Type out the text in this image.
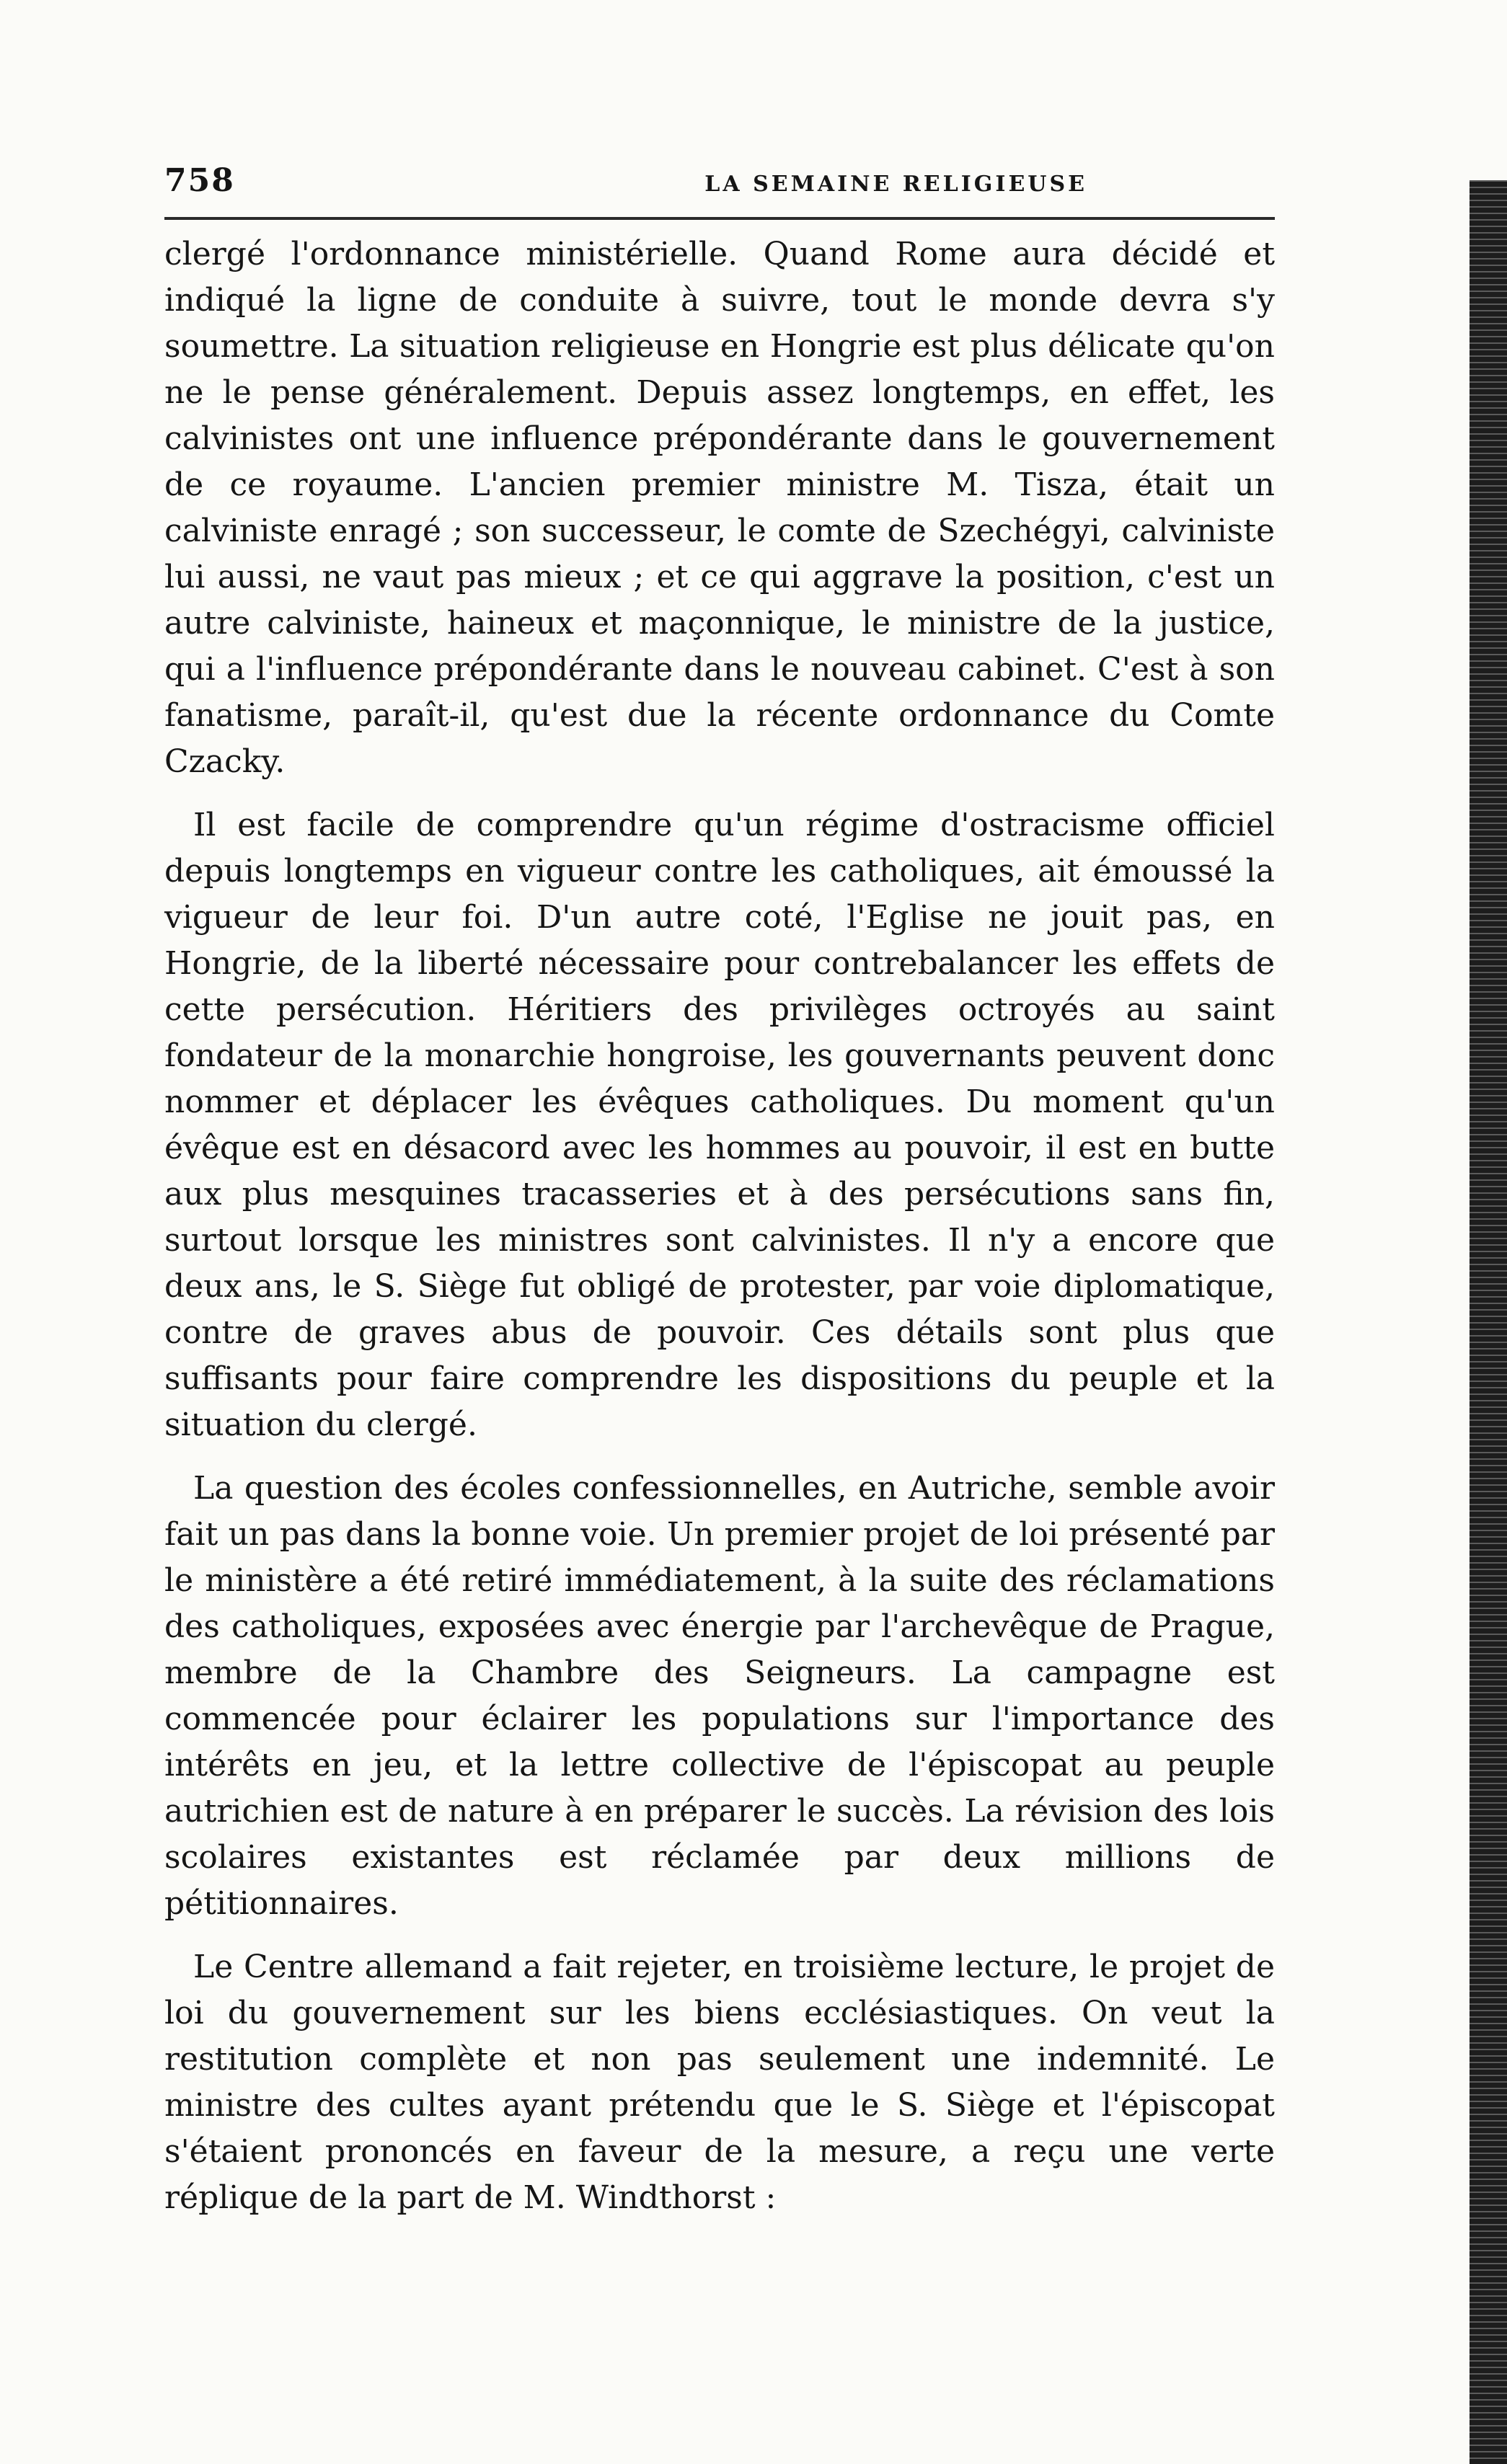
758	LA SEMAINE RELIGIEUSE

clergé l'ordonnance ministérielle. Quand Rome aura décidé et indiqué la ligne de conduite à suivre, tout le monde devra s'y soumettre. La situation religieuse en Hongrie est plus délicate qu'on ne le pense généralement. Depuis assez longtemps, en effet, les calvinistes ont une influence prépondérante dans le gouvernement de ce royaume. L'ancien premier ministre M. Tisza, était un calviniste enragé ; son successeur, le comte de Szechégyi, calviniste lui aussi, ne vaut pas mieux ; et ce qui aggrave la position, c'est un autre calviniste, haineux et maçonnique, le ministre de la justice, qui a l'influence prépondérante dans le nouveau cabinet. C'est à son fanatisme, paraît-il, qu'est due la récente ordonnance du Comte Czacky.

Il est facile de comprendre qu'un régime d'ostracisme officiel depuis longtemps en vigueur contre les catholiques, ait émoussé la vigueur de leur foi. D'un autre coté, l'Eglise ne jouit pas, en Hongrie, de la liberté nécessaire pour contrebalancer les effets de cette persécution. Héritiers des privilèges octroyés au saint fondateur de la monarchie hongroise, les gouvernants peuvent donc nommer et déplacer les évêques catholiques. Du moment qu'un évêque est en désacord avec les hommes au pouvoir, il est en butte aux plus mesquines tracasseries et à des persécutions sans fin, surtout lorsque les ministres sont calvinistes. Il n'y a encore que deux ans, le S. Siège fut obligé de protester, par voie diplomatique, contre de graves abus de pouvoir. Ces détails sont plus que suffisants pour faire comprendre les dispositions du peuple et la situation du clergé.

La question des écoles confessionnelles, en Autriche, semble avoir fait un pas dans la bonne voie. Un premier projet de loi présenté par le ministère a été retiré immédiatement, à la suite des réclamations des catholiques, exposées avec énergie par l'archevêque de Prague, membre de la Chambre des Seigneurs. La campagne est commencée pour éclairer les populations sur l'importance des intérêts en jeu, et la lettre collective de l'épiscopat au peuple autrichien est de nature à en préparer le succès. La révision des lois scolaires existantes est réclamée par deux millions de pétitionnaires.

Le Centre allemand a fait rejeter, en troisième lecture, le projet de loi du gouvernement sur les biens ecclésiastiques. On veut la restitution complète et non pas seulement une indemnité. Le ministre des cultes ayant prétendu que le S. Siège et l'épiscopat s'étaient prononcés en faveur de la mesure, a reçu une verte réplique de la part de M. Windthorst :
